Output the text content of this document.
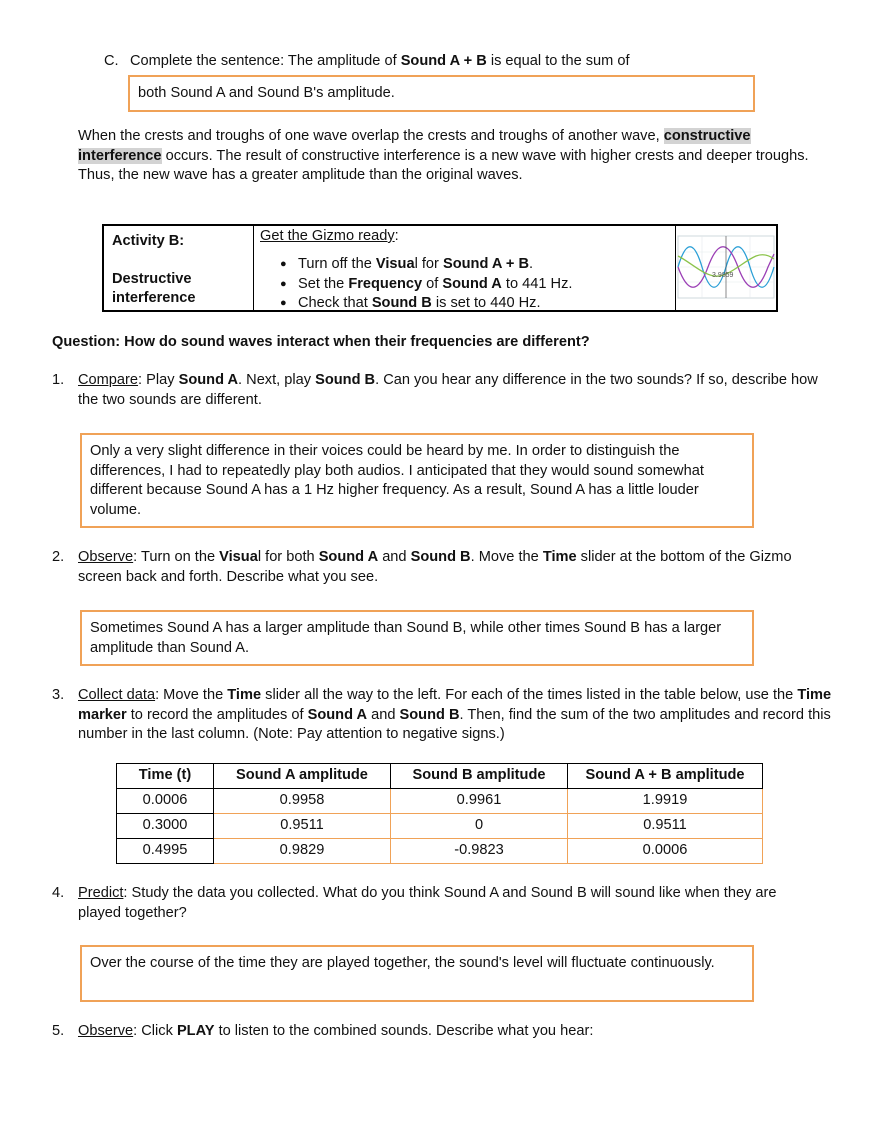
C. Complete the sentence: The amplitude of Sound A + B is equal to the sum of
both Sound A and Sound B's amplitude.
When the crests and troughs of one wave overlap the crests and troughs of another wave, constructive interference occurs. The result of constructive interference is a new wave with higher crests and deeper troughs. Thus, the new wave has a greater amplitude than the original waves.
Activity B:
Destructive
interference
Get the Gizmo ready:
● Turn off the Visual for Sound A + B.
● Set the Frequency of Sound A to 441 Hz.
● Check that Sound B is set to 440 Hz.
3.9859
Question: How do sound waves interact when their frequencies are different?
1. Compare: Play Sound A. Next, play Sound B. Can you hear any difference in the two sounds? If so, describe how the two sounds are different.
Only a very slight difference in their voices could be heard by me. In order to distinguish the differences, I had to repeatedly play both audios. I anticipated that they would sound somewhat different because Sound A has a 1 Hz higher frequency. As a result, Sound A has a little louder volume.
2. Observe: Turn on the Visual for both Sound A and Sound B. Move the Time slider at the bottom of the Gizmo screen back and forth. Describe what you see.
Sometimes Sound A has a larger amplitude than Sound B, while other times Sound B has a larger amplitude than Sound A.
3. Collect data: Move the Time slider all the way to the left. For each of the times listed in the table below, use the Time marker to record the amplitudes of Sound A and Sound B. Then, find the sum of the two amplitudes and record this number in the last column. (Note: Pay attention to negative signs.)
Time (t)	Sound A amplitude	Sound B amplitude	Sound A + B amplitude
0.0006	0.9958	0.9961	1.9919
0.3000	0.9511	0	0.9511
0.4995	0.9829	-0.9823	0.0006
4. Predict: Study the data you collected. What do you think Sound A and Sound B will sound like when they are played together?
Over the course of the time they are played together, the sound's level will fluctuate continuously.
5. Observe: Click PLAY to listen to the combined sounds. Describe what you hear:
